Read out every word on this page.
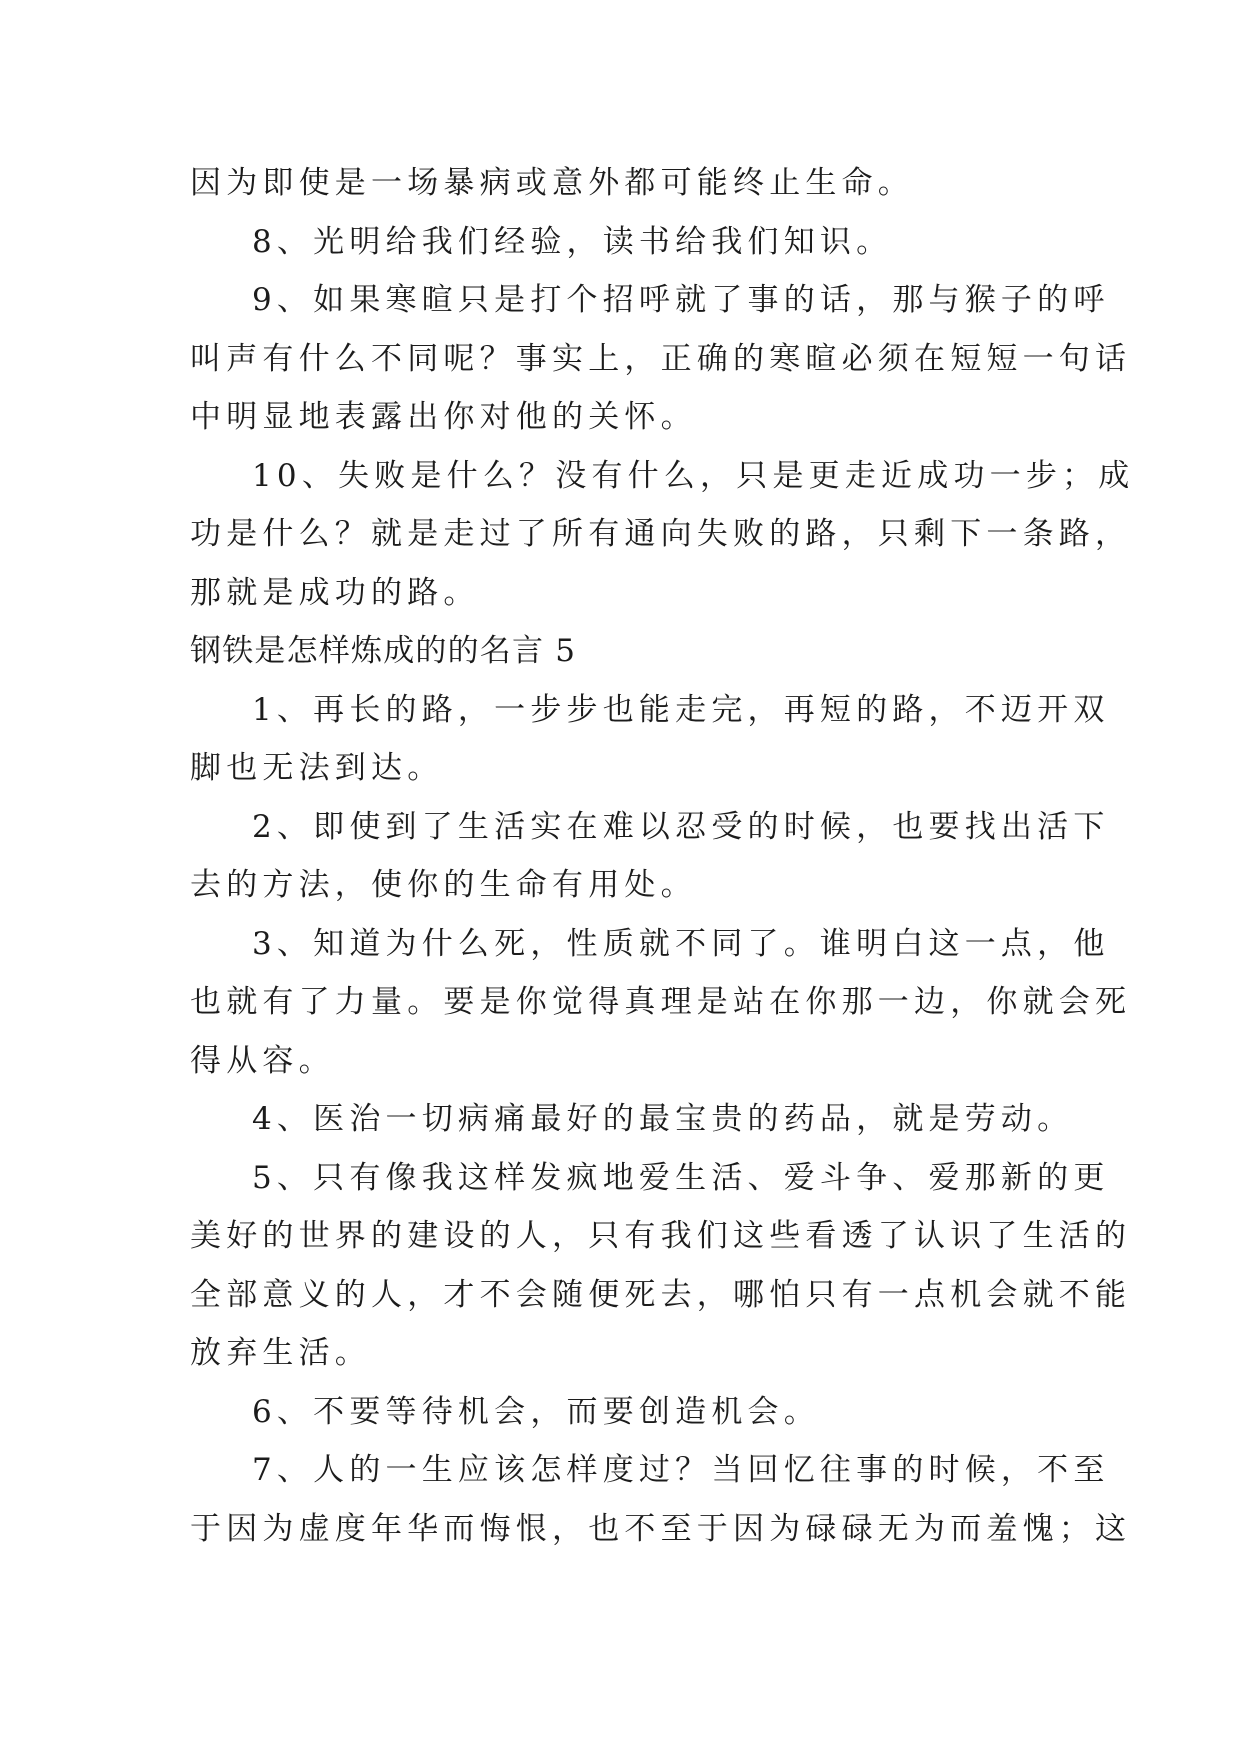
因为即使是一场暴病或意外都可能终止生命。
8、光明给我们经验，读书给我们知识。
9、如果寒暄只是打个招呼就了事的话，那与猴子的呼
叫声有什么不同呢？事实上，正确的寒暄必须在短短一句话
中明显地表露出你对他的关怀。
10、失败是什么？没有什么，只是更走近成功一步；成
功是什么？就是走过了所有通向失败的路，只剩下一条路，
那就是成功的路。
钢铁是怎样炼成的的名言 5
1、再长的路，一步步也能走完，再短的路，不迈开双
脚也无法到达。
2、即使到了生活实在难以忍受的时候，也要找出活下
去的方法，使你的生命有用处。
3、知道为什么死，性质就不同了。谁明白这一点，他
也就有了力量。要是你觉得真理是站在你那一边，你就会死
得从容。
4、医治一切病痛最好的最宝贵的药品，就是劳动。
5、只有像我这样发疯地爱生活、爱斗争、爱那新的更
美好的世界的建设的人，只有我们这些看透了认识了生活的
全部意义的人，才不会随便死去，哪怕只有一点机会就不能
放弃生活。
6、不要等待机会，而要创造机会。
7、人的一生应该怎样度过？当回忆往事的时候，不至
于因为虚度年华而悔恨，也不至于因为碌碌无为而羞愧；这
